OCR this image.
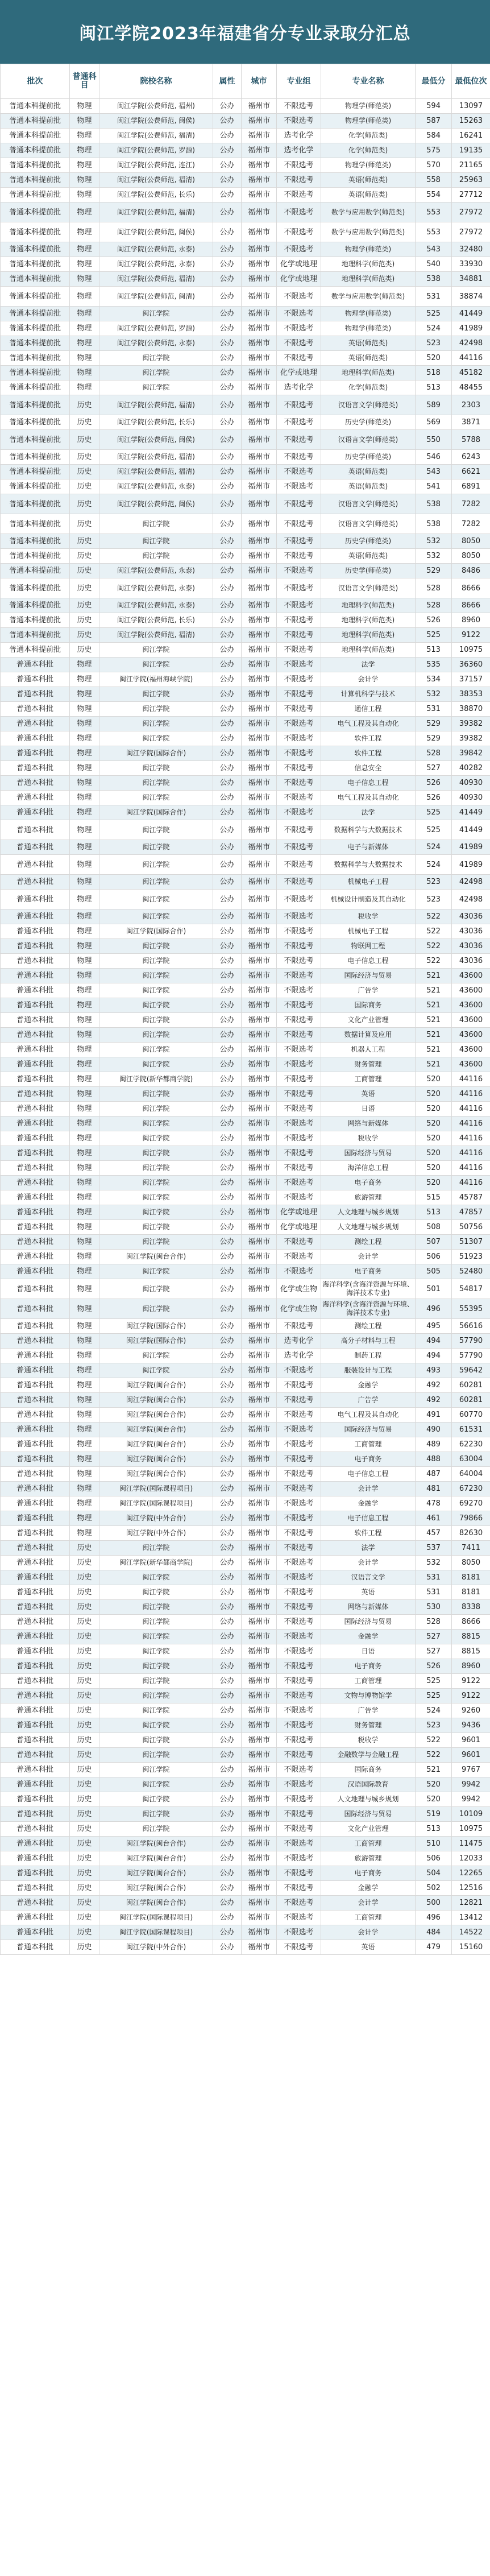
闽江学院2023年福建省分专业录取分汇总
批次	普通科目	院校名称	属性	城市	专业组	专业名称	最低分	最低位次
普通本科提前批	物理	闽江学院(公费师范, 福州)	公办	福州市	不限选考	物理学(师范类)	594	13097
普通本科提前批	物理	闽江学院(公费师范, 闽侯)	公办	福州市	不限选考	物理学(师范类)	587	15263
普通本科提前批	物理	闽江学院(公费师范, 福清)	公办	福州市	选考化学	化学(师范类)	584	16241
普通本科提前批	物理	闽江学院(公费师范, 罗源)	公办	福州市	选考化学	化学(师范类)	575	19135
普通本科提前批	物理	闽江学院(公费师范, 连江)	公办	福州市	不限选考	物理学(师范类)	570	21165
普通本科提前批	物理	闽江学院(公费师范, 福清)	公办	福州市	不限选考	英语(师范类)	558	25963
普通本科提前批	物理	闽江学院(公费师范, 长乐)	公办	福州市	不限选考	英语(师范类)	554	27712
普通本科提前批	物理	闽江学院(公费师范, 福清)	公办	福州市	不限选考	数学与应用数学(师范类)	553	27972
普通本科提前批	物理	闽江学院(公费师范, 闽侯)	公办	福州市	不限选考	数学与应用数学(师范类)	553	27972
普通本科提前批	物理	闽江学院(公费师范, 永泰)	公办	福州市	不限选考	物理学(师范类)	543	32480
普通本科提前批	物理	闽江学院(公费师范, 永泰)	公办	福州市	化学或地理	地理科学(师范类)	540	33930
普通本科提前批	物理	闽江学院(公费师范, 福清)	公办	福州市	化学或地理	地理科学(师范类)	538	34881
普通本科提前批	物理	闽江学院(公费师范, 闽清)	公办	福州市	不限选考	数学与应用数学(师范类)	531	38874
普通本科提前批	物理	闽江学院	公办	福州市	不限选考	物理学(师范类)	525	41449
普通本科提前批	物理	闽江学院(公费师范, 罗源)	公办	福州市	不限选考	物理学(师范类)	524	41989
普通本科提前批	物理	闽江学院(公费师范, 永泰)	公办	福州市	不限选考	英语(师范类)	523	42498
普通本科提前批	物理	闽江学院	公办	福州市	不限选考	英语(师范类)	520	44116
普通本科提前批	物理	闽江学院	公办	福州市	化学或地理	地理科学(师范类)	518	45182
普通本科提前批	物理	闽江学院	公办	福州市	选考化学	化学(师范类)	513	48455
普通本科提前批	历史	闽江学院(公费师范, 福清)	公办	福州市	不限选考	汉语言文学(师范类)	589	2303
普通本科提前批	历史	闽江学院(公费师范, 长乐)	公办	福州市	不限选考	历史学(师范类)	569	3871
普通本科提前批	历史	闽江学院(公费师范, 闽侯)	公办	福州市	不限选考	汉语言文学(师范类)	550	5788
普通本科提前批	历史	闽江学院(公费师范, 福清)	公办	福州市	不限选考	历史学(师范类)	546	6243
普通本科提前批	历史	闽江学院(公费师范, 福清)	公办	福州市	不限选考	英语(师范类)	543	6621
普通本科提前批	历史	闽江学院(公费师范, 永泰)	公办	福州市	不限选考	英语(师范类)	541	6891
普通本科提前批	历史	闽江学院(公费师范, 闽侯)	公办	福州市	不限选考	汉语言文学(师范类)	538	7282
普通本科提前批	历史	闽江学院	公办	福州市	不限选考	汉语言文学(师范类)	538	7282
普通本科提前批	历史	闽江学院	公办	福州市	不限选考	历史学(师范类)	532	8050
普通本科提前批	历史	闽江学院	公办	福州市	不限选考	英语(师范类)	532	8050
普通本科提前批	历史	闽江学院(公费师范, 永泰)	公办	福州市	不限选考	历史学(师范类)	529	8486
普通本科提前批	历史	闽江学院(公费师范, 永泰)	公办	福州市	不限选考	汉语言文学(师范类)	528	8666
普通本科提前批	历史	闽江学院(公费师范, 永泰)	公办	福州市	不限选考	地理科学(师范类)	528	8666
普通本科提前批	历史	闽江学院(公费师范, 长乐)	公办	福州市	不限选考	地理科学(师范类)	526	8960
普通本科提前批	历史	闽江学院(公费师范, 福清)	公办	福州市	不限选考	地理科学(师范类)	525	9122
普通本科提前批	历史	闽江学院	公办	福州市	不限选考	地理科学(师范类)	513	10975
普通本科批	物理	闽江学院	公办	福州市	不限选考	法学	535	36360
普通本科批	物理	闽江学院(福州海峡学院)	公办	福州市	不限选考	会计学	534	37157
普通本科批	物理	闽江学院	公办	福州市	不限选考	计算机科学与技术	532	38353
普通本科批	物理	闽江学院	公办	福州市	不限选考	通信工程	531	38870
普通本科批	物理	闽江学院	公办	福州市	不限选考	电气工程及其自动化	529	39382
普通本科批	物理	闽江学院	公办	福州市	不限选考	软件工程	529	39382
普通本科批	物理	闽江学院(国际合作)	公办	福州市	不限选考	软件工程	528	39842
普通本科批	物理	闽江学院	公办	福州市	不限选考	信息安全	527	40282
普通本科批	物理	闽江学院	公办	福州市	不限选考	电子信息工程	526	40930
普通本科批	物理	闽江学院	公办	福州市	不限选考	电气工程及其自动化	526	40930
普通本科批	物理	闽江学院(国际合作)	公办	福州市	不限选考	法学	525	41449
普通本科批	物理	闽江学院	公办	福州市	不限选考	数据科学与大数据技术	525	41449
普通本科批	物理	闽江学院	公办	福州市	不限选考	电子与新媒体	524	41989
普通本科批	物理	闽江学院	公办	福州市	不限选考	数据科学与大数据技术	524	41989
普通本科批	物理	闽江学院	公办	福州市	不限选考	机械电子工程	523	42498
普通本科批	物理	闽江学院	公办	福州市	不限选考	机械设计制造及其自动化	523	42498
普通本科批	物理	闽江学院	公办	福州市	不限选考	税收学	522	43036
普通本科批	物理	闽江学院(国际合作)	公办	福州市	不限选考	机械电子工程	522	43036
普通本科批	物理	闽江学院	公办	福州市	不限选考	物联网工程	522	43036
普通本科批	物理	闽江学院	公办	福州市	不限选考	电子信息工程	522	43036
普通本科批	物理	闽江学院	公办	福州市	不限选考	国际经济与贸易	521	43600
普通本科批	物理	闽江学院	公办	福州市	不限选考	广告学	521	43600
普通本科批	物理	闽江学院	公办	福州市	不限选考	国际商务	521	43600
普通本科批	物理	闽江学院	公办	福州市	不限选考	文化产业管理	521	43600
普通本科批	物理	闽江学院	公办	福州市	不限选考	数据计算及应用	521	43600
普通本科批	物理	闽江学院	公办	福州市	不限选考	机器人工程	521	43600
普通本科批	物理	闽江学院	公办	福州市	不限选考	财务管理	521	43600
普通本科批	物理	闽江学院(新华都商学院)	公办	福州市	不限选考	工商管理	520	44116
普通本科批	物理	闽江学院	公办	福州市	不限选考	英语	520	44116
普通本科批	物理	闽江学院	公办	福州市	不限选考	日语	520	44116
普通本科批	物理	闽江学院	公办	福州市	不限选考	网络与新媒体	520	44116
普通本科批	物理	闽江学院	公办	福州市	不限选考	税收学	520	44116
普通本科批	物理	闽江学院	公办	福州市	不限选考	国际经济与贸易	520	44116
普通本科批	物理	闽江学院	公办	福州市	不限选考	海洋信息工程	520	44116
普通本科批	物理	闽江学院	公办	福州市	不限选考	电子商务	520	44116
普通本科批	物理	闽江学院	公办	福州市	不限选考	旅游管理	515	45787
普通本科批	物理	闽江学院	公办	福州市	化学或地理	人文地理与城乡规划	513	47857
普通本科批	物理	闽江学院	公办	福州市	化学或地理	人文地理与城乡规划	508	50756
普通本科批	物理	闽江学院	公办	福州市	不限选考	测绘工程	507	51307
普通本科批	物理	闽江学院(闽台合作)	公办	福州市	不限选考	会计学	506	51923
普通本科批	物理	闽江学院	公办	福州市	不限选考	电子商务	505	52480
普通本科批	物理	闽江学院	公办	福州市	化学或生物	海洋科学(含海洋资源与环境、海洋技术专业)	501	54817
普通本科批	物理	闽江学院	公办	福州市	化学或生物	海洋科学(含海洋资源与环境、海洋技术专业)	496	55395
普通本科批	物理	闽江学院(国际合作)	公办	福州市	不限选考	测绘工程	495	56616
普通本科批	物理	闽江学院(国际合作)	公办	福州市	选考化学	高分子材料与工程	494	57790
普通本科批	物理	闽江学院	公办	福州市	选考化学	制药工程	494	57790
普通本科批	物理	闽江学院	公办	福州市	不限选考	服装设计与工程	493	59642
普通本科批	物理	闽江学院(闽台合作)	公办	福州市	不限选考	金融学	492	60281
普通本科批	物理	闽江学院(闽台合作)	公办	福州市	不限选考	广告学	492	60281
普通本科批	物理	闽江学院(闽台合作)	公办	福州市	不限选考	电气工程及其自动化	491	60770
普通本科批	物理	闽江学院(闽台合作)	公办	福州市	不限选考	国际经济与贸易	490	61531
普通本科批	物理	闽江学院(闽台合作)	公办	福州市	不限选考	工商管理	489	62230
普通本科批	物理	闽江学院(闽台合作)	公办	福州市	不限选考	电子商务	488	63004
普通本科批	物理	闽江学院(闽台合作)	公办	福州市	不限选考	电子信息工程	487	64004
普通本科批	物理	闽江学院(国际课程项目)	公办	福州市	不限选考	会计学	481	67230
普通本科批	物理	闽江学院(国际课程项目)	公办	福州市	不限选考	金融学	478	69270
普通本科批	物理	闽江学院(中外合作)	公办	福州市	不限选考	电子信息工程	461	79866
普通本科批	物理	闽江学院(中外合作)	公办	福州市	不限选考	软件工程	457	82630
普通本科批	历史	闽江学院	公办	福州市	不限选考	法学	537	7411
普通本科批	历史	闽江学院(新华都商学院)	公办	福州市	不限选考	会计学	532	8050
普通本科批	历史	闽江学院	公办	福州市	不限选考	汉语言文学	531	8181
普通本科批	历史	闽江学院	公办	福州市	不限选考	英语	531	8181
普通本科批	历史	闽江学院	公办	福州市	不限选考	网络与新媒体	530	8338
普通本科批	历史	闽江学院	公办	福州市	不限选考	国际经济与贸易	528	8666
普通本科批	历史	闽江学院	公办	福州市	不限选考	金融学	527	8815
普通本科批	历史	闽江学院	公办	福州市	不限选考	日语	527	8815
普通本科批	历史	闽江学院	公办	福州市	不限选考	电子商务	526	8960
普通本科批	历史	闽江学院	公办	福州市	不限选考	工商管理	525	9122
普通本科批	历史	闽江学院	公办	福州市	不限选考	文物与博物馆学	525	9122
普通本科批	历史	闽江学院	公办	福州市	不限选考	广告学	524	9260
普通本科批	历史	闽江学院	公办	福州市	不限选考	财务管理	523	9436
普通本科批	历史	闽江学院	公办	福州市	不限选考	税收学	522	9601
普通本科批	历史	闽江学院	公办	福州市	不限选考	金融数学与金融工程	522	9601
普通本科批	历史	闽江学院	公办	福州市	不限选考	国际商务	521	9767
普通本科批	历史	闽江学院	公办	福州市	不限选考	汉语国际教育	520	9942
普通本科批	历史	闽江学院	公办	福州市	不限选考	人文地理与城乡规划	520	9942
普通本科批	历史	闽江学院	公办	福州市	不限选考	国际经济与贸易	519	10109
普通本科批	历史	闽江学院	公办	福州市	不限选考	文化产业管理	513	10975
普通本科批	历史	闽江学院(闽台合作)	公办	福州市	不限选考	工商管理	510	11475
普通本科批	历史	闽江学院(闽台合作)	公办	福州市	不限选考	旅游管理	506	12033
普通本科批	历史	闽江学院(闽台合作)	公办	福州市	不限选考	电子商务	504	12265
普通本科批	历史	闽江学院(闽台合作)	公办	福州市	不限选考	金融学	502	12516
普通本科批	历史	闽江学院(闽台合作)	公办	福州市	不限选考	会计学	500	12821
普通本科批	历史	闽江学院(国际课程项目)	公办	福州市	不限选考	工商管理	496	13412
普通本科批	历史	闽江学院(国际课程项目)	公办	福州市	不限选考	会计学	484	14522
普通本科批	历史	闽江学院(中外合作)	公办	福州市	不限选考	英语	479	15160
